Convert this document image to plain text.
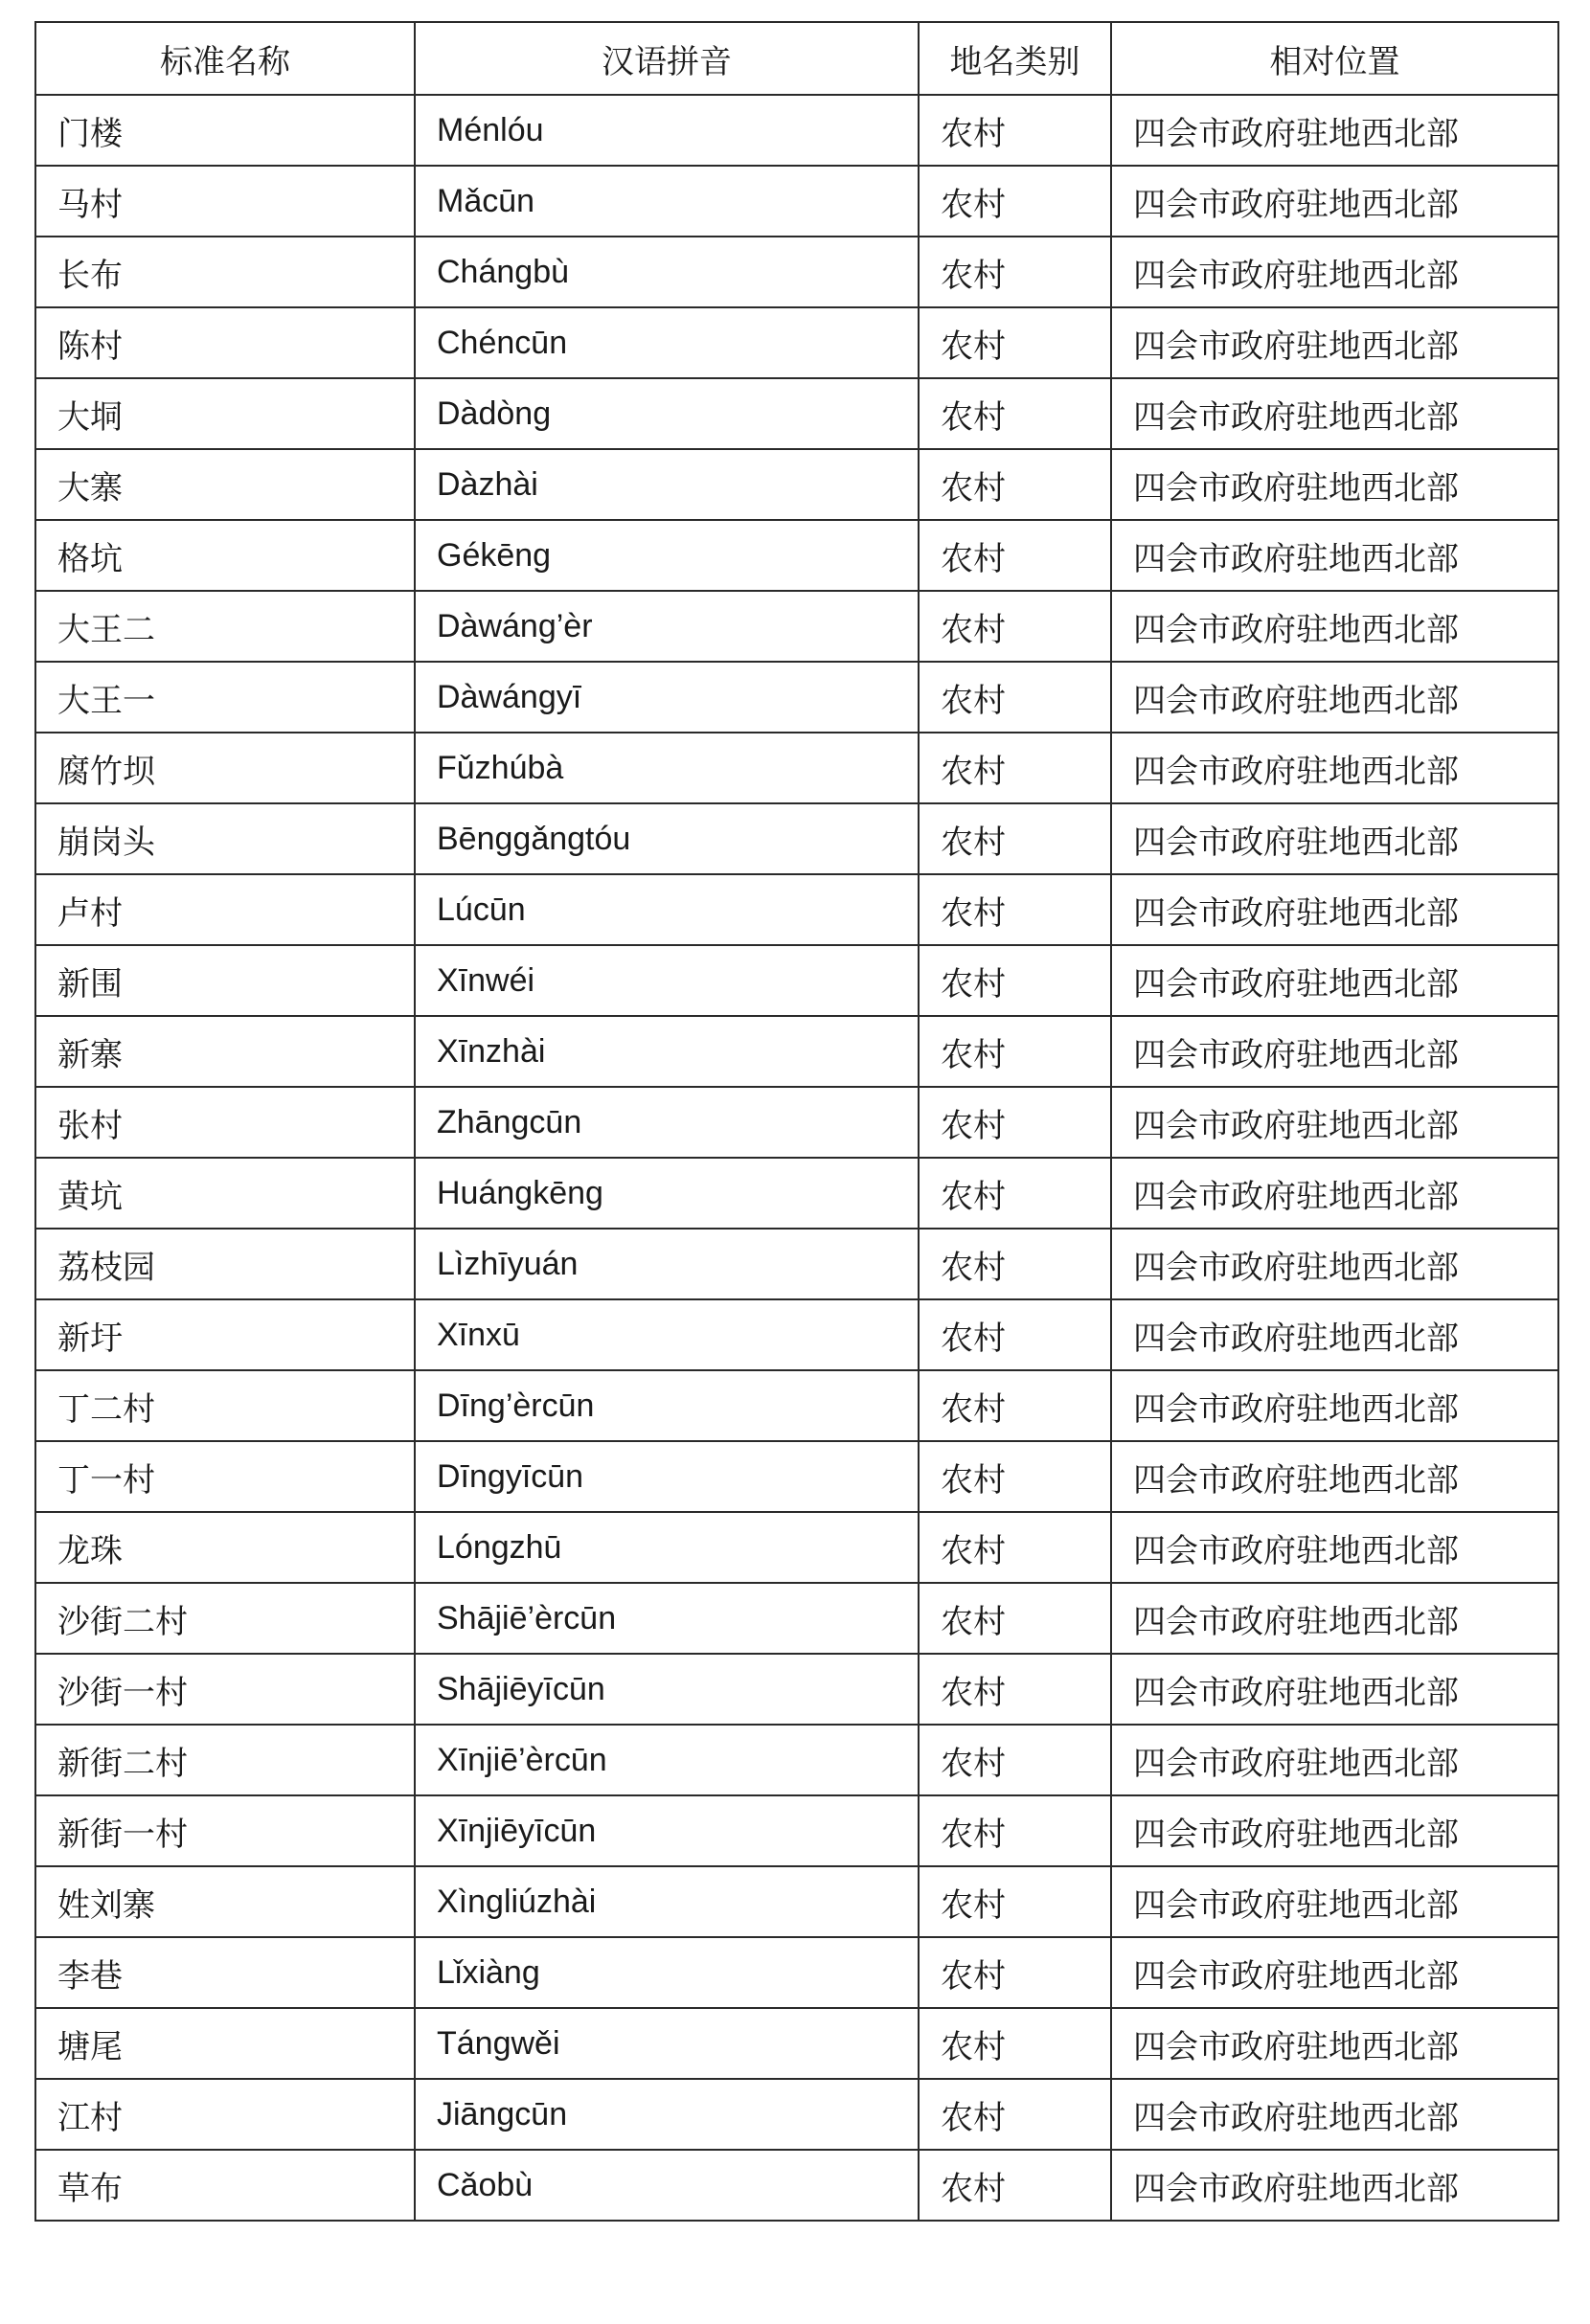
标准名称	汉语拼音	地名类别	相对位置
门楼	Ménlóu	农村	四会市政府驻地西北部
马村	Mǎcūn	农村	四会市政府驻地西北部
长布	Chángbù	农村	四会市政府驻地西北部
陈村	Chéncūn	农村	四会市政府驻地西北部
大垌	Dàdòng	农村	四会市政府驻地西北部
大寨	Dàzhài	农村	四会市政府驻地西北部
格坑	Gékēng	农村	四会市政府驻地西北部
大王二	Dàwáng’èr	农村	四会市政府驻地西北部
大王一	Dàwángyī	农村	四会市政府驻地西北部
腐竹坝	Fǔzhúbà	农村	四会市政府驻地西北部
崩岗头	Bēnggǎngtóu	农村	四会市政府驻地西北部
卢村	Lúcūn	农村	四会市政府驻地西北部
新围	Xīnwéi	农村	四会市政府驻地西北部
新寨	Xīnzhài	农村	四会市政府驻地西北部
张村	Zhāngcūn	农村	四会市政府驻地西北部
黄坑	Huángkēng	农村	四会市政府驻地西北部
荔枝园	Lìzhīyuán	农村	四会市政府驻地西北部
新圩	Xīnxū	农村	四会市政府驻地西北部
丁二村	Dīng’èrcūn	农村	四会市政府驻地西北部
丁一村	Dīngyīcūn	农村	四会市政府驻地西北部
龙珠	Lóngzhū	农村	四会市政府驻地西北部
沙街二村	Shājiē’èrcūn	农村	四会市政府驻地西北部
沙街一村	Shājiēyīcūn	农村	四会市政府驻地西北部
新街二村	Xīnjiē’èrcūn	农村	四会市政府驻地西北部
新街一村	Xīnjiēyīcūn	农村	四会市政府驻地西北部
姓刘寨	Xìngliúzhài	农村	四会市政府驻地西北部
李巷	Lǐxiàng	农村	四会市政府驻地西北部
塘尾	Tángwěi	农村	四会市政府驻地西北部
江村	Jiāngcūn	农村	四会市政府驻地西北部
草布	Cǎobù	农村	四会市政府驻地西北部
